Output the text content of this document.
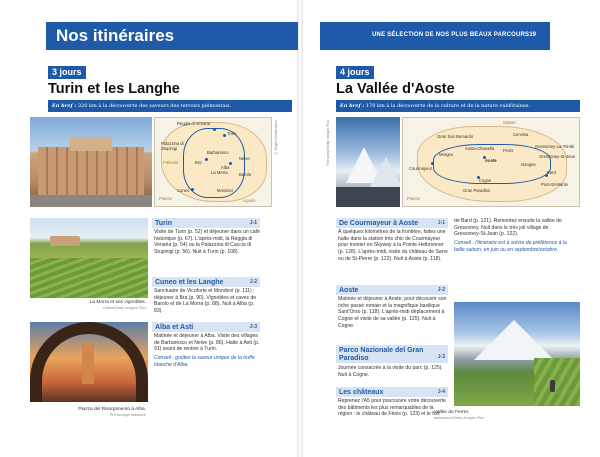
Nos itinéraires
3 jours
Turin et les Langhe
En bref : 320 km à la découverte des saveurs des terroirs piémontais.
C. Mayer/Shutterstock
Reggia di Venaria
Turin
Palazzina di Stupinigi
Piémont	Bra
Barbaresco
Alba
Neive
La Morra	Barolo
Cuneo	Mondovì
Ligurie
France
La Morra et ses vignobles.
Gianni/Getty Images Plus
Piazza del Risorgimento à Alba.
Pi Elvio/age fotostock
Turin	J-1
Visite de Turin (p. 52) et déjeuner dans un café historique (p. 67). L'après-midi, la Reggia di Venaria (p. 54) ou la Palazzina di Caccia di Stupinigi (p. 56). Nuit à Turin (p. 108).
Cuneo et les Langhe	J-2
Sanctuaire de Vicoforte et Mondovì (p. 111) ; déjeuner à Bra (p. 90). Vignobles et caves de Barolo et de La Morra (p. 88). Nuit à Alba (p. 83).
Alba et Asti	J-3
Matinée et déjeuner à Alba. Visite des villages de Barbaresco et Neive (p. 86). Halte à Asti (p. 91) avant de rentrer à Turin.
Conseil : goûtez la saveur unique de la truffe blanche d'Alba.
UNE SÉLECTION DE NOS PLUS BEAUX PARCOURS 19
4 jours
La Vallée d'Aoste
En bref : 170 km à la découverte de la culture et de la nature valdôtaines.
Pieropeap/Getty Images Plus	Suisse
France
Courmayeur
Gran San Bernardo	Cervinia
Gressoney-La-Trinité
Gressoney-St-Jean
Aoste
Fénis
Aosta-Chiavella
Issogne
Bard
Pont-St-Martin
Cogne
Gran Paradiso
Morgex
De Courmayeur à Aoste	J-1
À quelques kilomètres de la frontière, faites une halte dans la station très chic de Courmayeur pour monter en Skyway à la Pointe Helbronner (p. 128). L'après-midi, visite du château de Sarre ou de St-Pierre (p. 122). Nuit à Aoste (p. 118).
Aoste	J-2
Matinée et déjeuner à Aoste, pour découvrir son riche passé romain et la magnifique basilique Sant'Orso (p. 118). L'après-midi déplacement à Cogne et visite de sa vallée (p. 125). Nuit à Cogne.
Parco Nazionale del Gran Paradiso	J-3
Journée consacrée à la visite du parc (p. 125). Nuit à Cogne.
Les châteaux	J-4
Reprenez l'A5 pour poursuivre votre découverte des bâtiments les plus remarquables de la région : le château de Fénis (p. 123) et le fort
de Bard (p. 121). Remontez ensuite la vallée de Gressoney. Nuit dans le très joli village de Gressoney-St-Jean (p. 122).
Conseil : l'itinéraire est à suivre de préférence à la belle saison, en juin ou en septembre/octobre.
Vallée de Ferret.
antonioxxx/Getty Images Plus
